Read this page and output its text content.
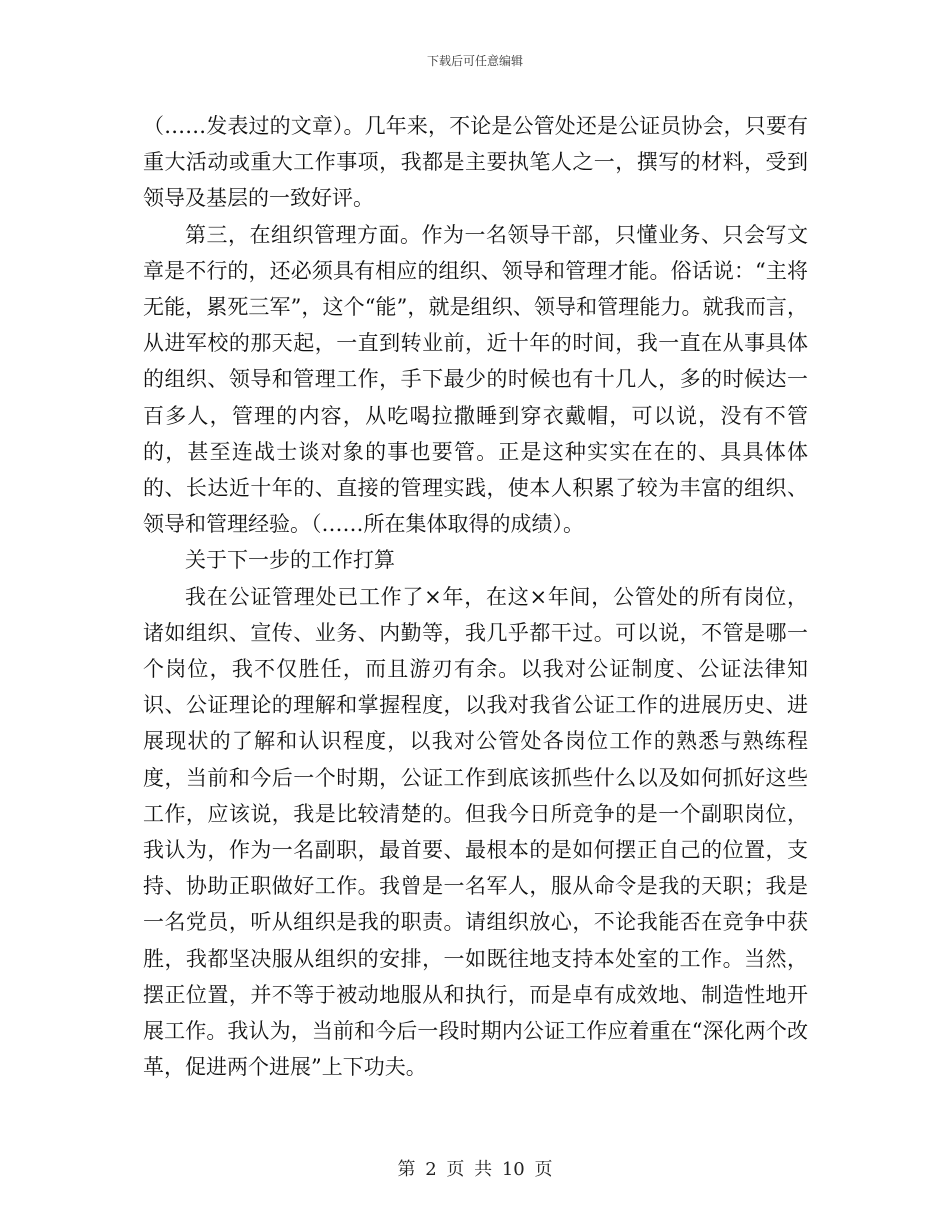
下载后可任意编辑

（……发表过的文章）。几年来，不论是公管处还是公证员协会，只要有重大活动或重大工作事项，我都是主要执笔人之一，撰写的材料，受到领导及基层的一致好评。

第三，在组织管理方面。作为一名领导干部，只懂业务、只会写文章是不行的，还必须具有相应的组织、领导和管理才能。俗话说：“主将无能，累死三军”，这个“能”，就是组织、领导和管理能力。就我而言，从进军校的那天起，一直到转业前，近十年的时间，我一直在从事具体的组织、领导和管理工作，手下最少的时候也有十几人，多的时候达一百多人，管理的内容，从吃喝拉撒睡到穿衣戴帽，可以说，没有不管的，甚至连战士谈对象的事也要管。正是这种实实在在的、具具体体的、长达近十年的、直接的管理实践，使本人积累了较为丰富的组织、领导和管理经验。（……所在集体取得的成绩）。

关于下一步的工作打算

我在公证管理处已工作了×年，在这×年间，公管处的所有岗位，诸如组织、宣传、业务、内勤等，我几乎都干过。可以说，不管是哪一个岗位，我不仅胜任，而且游刃有余。以我对公证制度、公证法律知识、公证理论的理解和掌握程度，以我对我省公证工作的进展历史、进展现状的了解和认识程度，以我对公管处各岗位工作的熟悉与熟练程度，当前和今后一个时期，公证工作到底该抓些什么以及如何抓好这些工作，应该说，我是比较清楚的。但我今日所竞争的是一个副职岗位，我认为，作为一名副职，最首要、最根本的是如何摆正自己的位置，支持、协助正职做好工作。我曾是一名军人，服从命令是我的天职；我是一名党员，听从组织是我的职责。请组织放心，不论我能否在竞争中获胜，我都坚决服从组织的安排，一如既往地支持本处室的工作。当然，摆正位置，并不等于被动地服从和执行，而是卓有成效地、制造性地开展工作。我认为，当前和今后一段时期内公证工作应着重在“深化两个改革，促进两个进展”上下功夫。

第 2 页 共 10 页
